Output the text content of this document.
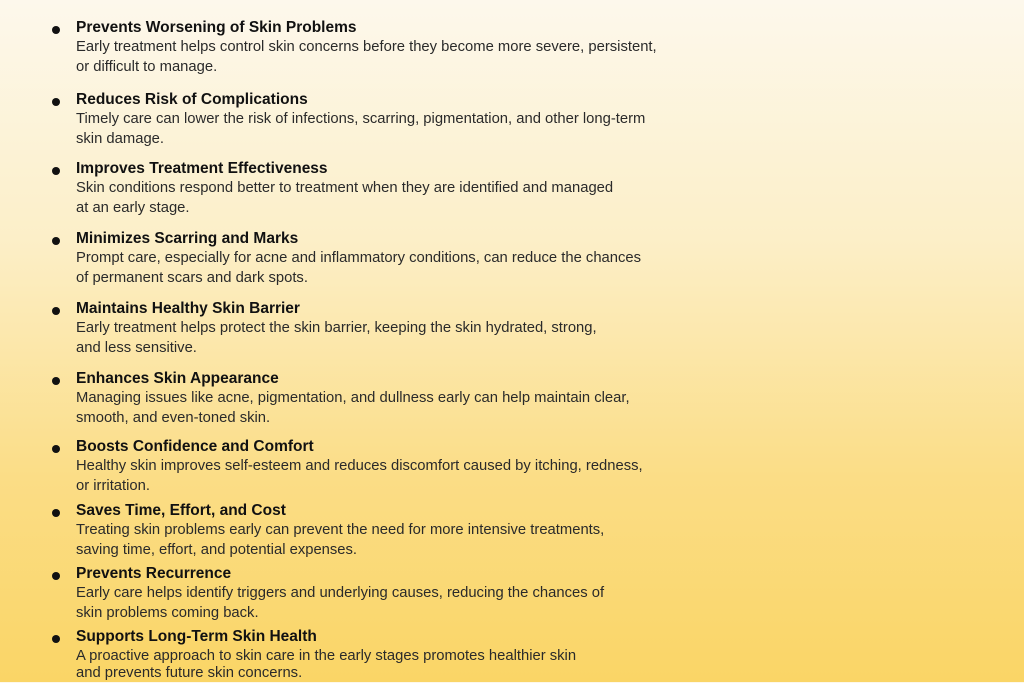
Prevents Worsening of Skin Problems
Early treatment helps control skin concerns before they become more severe, persistent,
or difficult to manage.
Reduces Risk of Complications
Timely care can lower the risk of infections, scarring, pigmentation, and other long-term
skin damage.
Improves Treatment Effectiveness
Skin conditions respond better to treatment when they are identified and managed
at an early stage.
Minimizes Scarring and Marks
Prompt care, especially for acne and inflammatory conditions, can reduce the chances
of permanent scars and dark spots.
Maintains Healthy Skin Barrier
Early treatment helps protect the skin barrier, keeping the skin hydrated, strong,
and less sensitive.
Enhances Skin Appearance
Managing issues like acne, pigmentation, and dullness early can help maintain clear,
smooth, and even-toned skin.
Boosts Confidence and Comfort
Healthy skin improves self-esteem and reduces discomfort caused by itching, redness,
or irritation.
Saves Time, Effort, and Cost
Treating skin problems early can prevent the need for more intensive treatments,
saving time, effort, and potential expenses.
Prevents Recurrence
Early care helps identify triggers and underlying causes, reducing the chances of
skin problems coming back.
Supports Long-Term Skin Health
A proactive approach to skin care in the early stages promotes healthier skin
and prevents future skin concerns.
